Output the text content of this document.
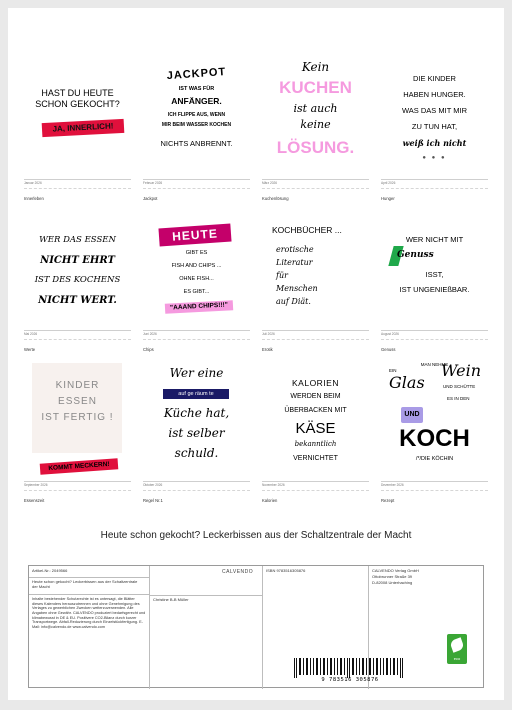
HAST DU HEUTE
SCHON GEKOCHT?
JA, INNERLICH!
Januar 2026
Innerleben
JACKPOT
IST WAS FÜR
ANFÄNGER.
ICH FLIPPE AUS, WENN
MIR BEIM WASSER KOCHEN
NICHTS ANBRENNT.
Februar 2026
Jackpot
Kein
KUCHEN
ist auch
keine
LÖSUNG.
März 2026
Kuchenlösung
DIE KINDER
HABEN HUNGER.
WAS DAS MIT MIR
ZU TUN HAT,
weiß ich nicht
● ● ●
April 2026
Hunger
WER DAS ESSEN
NICHT EHRT
IST DES KOCHENS
NICHT WERT.
Mai 2026
Werte
HEUTE
GIBT ES
FISH AND CHIPS ...
OHNE FISH...
ES GIBT...
"AAAND CHIPS!!!"
Juni 2026
Chips
KOCHBÜCHER ...
erotische
Literatur
für
Menschen
auf Diät.
Juli 2026
Erotik
WER NICHT MIT
Genuss
ISST,
IST UNGENIEßBAR.
August 2026
Genuss
KINDER
ESSEN
IST FERTIG !
KOMMT MECKERN!
September 2026
Essenszeit
Wer eine
auf ge räum te
Küche hat,
ist selber
schuld.
Oktober 2026
Regel Nr.1
KALORIEN
WERDEN BEIM
ÜBERBACKEN MIT
KÄSE
bekanntlich
VERNICHTET
November 2026
Kalorien
MAN NEHME
EIN
Glas
Wein
UND SCHÜTTE
ES IN DEN
UND
KOCH
/*/DIE KÖCHIN
Dezember 2026
Rezept
Heute schon gekocht? Leckerbissen aus der Schaltzentrale der Macht
Artikel-Nr.: 2049566
Heute schon gekocht? Leckerbissen aus der Schaltzentrale der Macht
Inhalte bestehender Schutzrechte ist es untersagt, die Blätter dieses Kalenders herauszutrennen und ohne Genehmigung des Verlages zu gewerblichen Zwecken weiterzuverwenden. Alle Angaben ohne Gewähr. CALVENDO produziert bedarfsgerecht und klimabewusst in DE & EU. Positivere CO2-Bilanz durch kurzer Transportwege. Abfall-Reduzierung durch Einzelstückfertigung. E-Mail: info@calvendo.de www.calvendo.com
CALVENDO
Christine B-B Müller
ISBN 9783516305876	CALVENDO Verlag GmbH
Ottobrunner Straße 39
D-82008 Unterhaching
eco
9 783516 305876
